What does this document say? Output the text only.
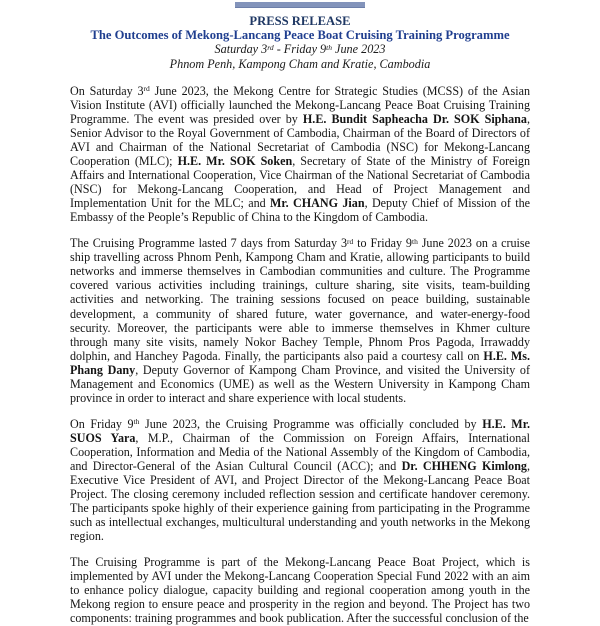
PRESS RELEASE
The Outcomes of Mekong-Lancang Peace Boat Cruising Training Programme
Saturday 3rd - Friday 9th June 2023
Phnom Penh, Kampong Cham and Kratie, Cambodia

On Saturday 3rd June 2023, the Mekong Centre for Strategic Studies (MCSS) of the Asian Vision Institute (AVI) officially launched the Mekong-Lancang Peace Boat Cruising Training Programme. The event was presided over by H.E. Bundit Sapheacha Dr. SOK Siphana, Senior Advisor to the Royal Government of Cambodia, Chairman of the Board of Directors of AVI and Chairman of the National Secretariat of Cambodia (NSC) for Mekong-Lancang Cooperation (MLC); H.E. Mr. SOK Soken, Secretary of State of the Ministry of Foreign Affairs and International Cooperation, Vice Chairman of the National Secretariat of Cambodia (NSC) for Mekong-Lancang Cooperation, and Head of Project Management and Implementation Unit for the MLC; and Mr. CHANG Jian, Deputy Chief of Mission of the Embassy of the People’s Republic of China to the Kingdom of Cambodia.

The Cruising Programme lasted 7 days from Saturday 3rd to Friday 9th June 2023 on a cruise ship travelling across Phnom Penh, Kampong Cham and Kratie, allowing participants to build networks and immerse themselves in Cambodian communities and culture. The Programme covered various activities including trainings, culture sharing, site visits, team-building activities and networking. The training sessions focused on peace building, sustainable development, a community of shared future, water governance, and water-energy-food security. Moreover, the participants were able to immerse themselves in Khmer culture through many site visits, namely Nokor Bachey Temple, Phnom Pros Pagoda, Irrawaddy dolphin, and Hanchey Pagoda. Finally, the participants also paid a courtesy call on H.E. Ms. Phang Dany, Deputy Governor of Kampong Cham Province, and visited the University of Management and Economics (UME) as well as the Western University in Kampong Cham province in order to interact and share experience with local students.

On Friday 9th June 2023, the Cruising Programme was officially concluded by H.E. Mr. SUOS Yara, M.P., Chairman of the Commission on Foreign Affairs, International Cooperation, Information and Media of the National Assembly of the Kingdom of Cambodia, and Director-General of the Asian Cultural Council (ACC); and Dr. CHHENG Kimlong, Executive Vice President of AVI, and Project Director of the Mekong-Lancang Peace Boat Project. The closing ceremony included reflection session and certificate handover ceremony. The participants spoke highly of their experience gaining from participating in the Programme such as intellectual exchanges, multicultural understanding and youth networks in the Mekong region.

The Cruising Programme is part of the Mekong-Lancang Peace Boat Project, which is implemented by AVI under the Mekong-Lancang Cooperation Special Fund 2022 with an aim to enhance policy dialogue, capacity building and regional cooperation among youth in the Mekong region to ensure peace and prosperity in the region and beyond. The Project has two components: training programmes and book publication. After the successful conclusion of the
